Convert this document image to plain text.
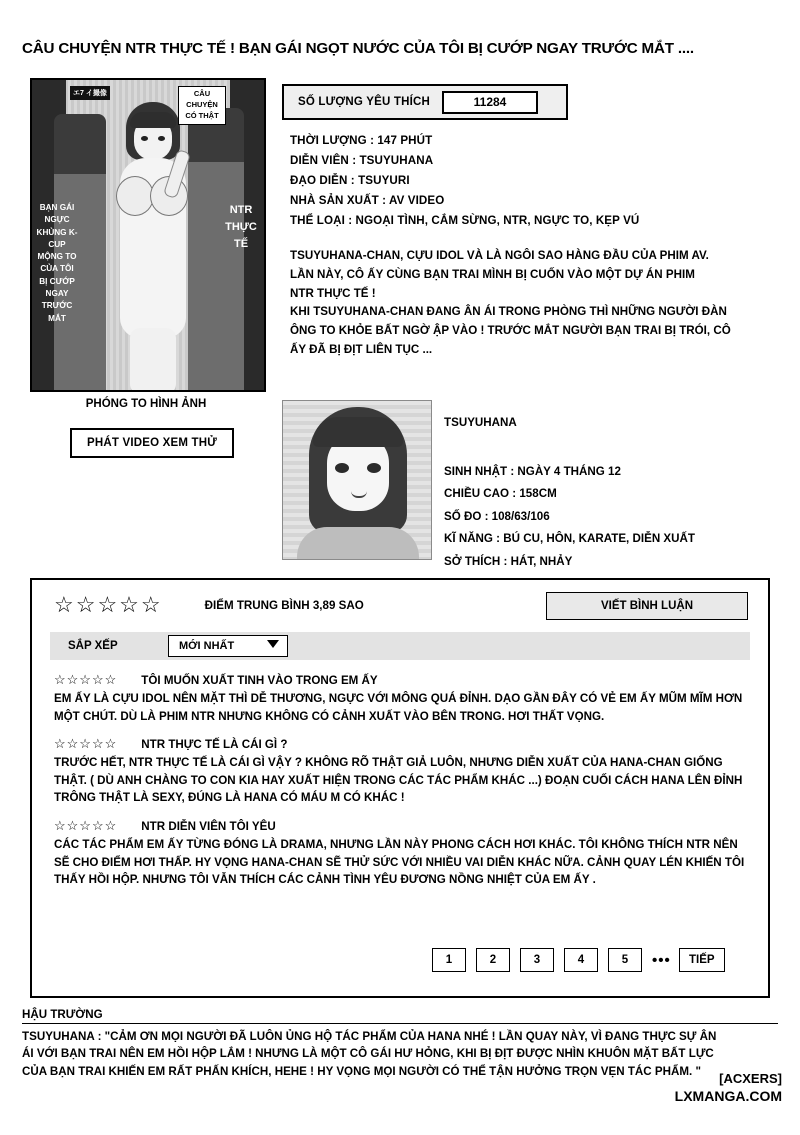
CÂU CHUYỆN NTR THỰC TẾ ! BẠN GÁI NGỌT NƯỚC CỦA TÔI BỊ CƯỚP NGAY TRƯỚC MẮT ....
エ7 イ撮像	CÂU CHUYỆN CÓ THẬT
BẠN GÁI NGỰC KHỦNG K-CUP MỘNG TO CỦA TÔI BỊ CƯỚP NGAY TRƯỚC MẮT
NTR THỰC TẾ
PHÓNG TO HÌNH ẢNH
PHÁT VIDEO XEM THỬ
SỐ LƯỢNG YÊU THÍCH	11284
THỜI LƯỢNG : 147 PHÚT
DIỄN VIÊN : TSUYUHANA
ĐẠO DIỄN : TSUYURI
NHÀ SẢN XUẤT : AV VIDEO
THỂ LOẠI : NGOẠI TÌNH, CẮM SỪNG, NTR, NGỰC TO, KẸP VÚ

TSUYUHANA-CHAN, CỰU IDOL VÀ LÀ NGÔI SAO HÀNG ĐẦU CỦA PHIM AV.

LẦN NÀY, CÔ ẤY CÙNG BẠN TRAI MÌNH BỊ CUỐN VÀO MỘT DỰ ÁN PHIM

NTR THỰC TẾ !

KHI TSUYUHANA-CHAN ĐANG ÂN ÁI TRONG PHÒNG THÌ NHỮNG NGƯỜI ĐÀN

ÔNG TO KHỎE BẤT NGỜ ẬP VÀO ! TRƯỚC MẮT NGƯỜI BẠN TRAI BỊ TRÓI, CÔ

ẤY ĐÃ BỊ ĐỊT LIÊN TỤC ...

TSUYUHANA
SINH NHẬT : NGÀY 4 THÁNG 12
CHIỀU CAO : 158CM
SỐ ĐO : 108/63/106
KĨ NĂNG : BÚ CU, HÔN, KARATE, DIỄN XUẤT
SỞ THÍCH : HÁT, NHẢY
☆☆☆☆☆	ĐIỂM TRUNG BÌNH 3,89 SAO	VIẾT BÌNH LUẬN
SẮP XẾP	MỚI NHẤT
☆☆☆☆☆ TÔI MUỐN XUẤT TINH VÀO TRONG EM ẤY
EM ẤY LÀ CỰU IDOL NÊN MẶT THÌ DỄ THƯƠNG, NGỰC VỚI MÔNG QUÁ ĐỈNH. DẠO GẦN ĐÂY CÓ VẺ EM ẤY MŨM MĨM HƠN MỘT CHÚT. DÙ LÀ PHIM NTR NHƯNG KHÔNG CÓ CẢNH XUẤT VÀO BÊN TRONG. HƠI THẤT VỌNG.
☆☆☆☆☆ NTR THỰC TẾ LÀ CÁI GÌ ?
TRƯỚC HẾT, NTR THỰC TẾ LÀ CÁI GÌ VẬY ? KHÔNG RÕ THẬT GIẢ LUÔN, NHƯNG DIỄN XUẤT CỦA HANA-CHAN GIỐNG THẬT. ( DÙ ANH CHÀNG TO CON KIA HAY XUẤT HIỆN TRONG CÁC TÁC PHẨM KHÁC ...) ĐOẠN CUỐI CÁCH HANA LÊN ĐỈNH TRÔNG THẬT LÀ SEXY, ĐÚNG LÀ HANA CÓ MÁU M CÓ KHÁC !
☆☆☆☆☆ NTR DIỄN VIÊN TÔI YÊU
CÁC TÁC PHẨM EM ẤY TỪNG ĐÓNG LÀ DRAMA, NHƯNG LẦN NÀY PHONG CÁCH HƠI KHÁC. TÔI KHÔNG THÍCH NTR NÊN SẼ CHO ĐIỂM HƠI THẤP. HY VỌNG HANA-CHAN SẼ THỬ SỨC VỚI NHIỀU VAI DIỄN KHÁC NỮA. CẢNH QUAY LÉN KHIẾN TÔI THẤY HỒI HỘP. NHƯNG TÔI VẪN THÍCH CÁC CẢNH TÌNH YÊU ĐƯƠNG NỒNG NHIỆT CỦA EM ẤY .
1	2	3	4	5	•••	TIẾP
HẬU TRƯỜNG
TSUYUHANA : "CẢM ƠN MỌI NGƯỜI ĐÃ LUÔN ỦNG HỘ TÁC PHẨM CỦA HANA NHÉ ! LẦN QUAY NÀY, VÌ ĐANG THỰC SỰ ÂN ÁI VỚI BẠN TRAI NÊN EM HỒI HỘP LẮM ! NHƯNG LÀ MỘT CÔ GÁI HƯ HỎNG, KHI BỊ ĐỊT ĐƯỢC NHÌN KHUÔN MẶT BẤT LỰC CỦA BẠN TRAI KHIẾN EM RẤT PHẤN KHÍCH, HEHE ! HY VỌNG MỌI NGƯỜI CÓ THỂ TẬN HƯỞNG TRỌN VẸN TÁC PHẨM. "	[ACXERS]
LXMANGA.COM
